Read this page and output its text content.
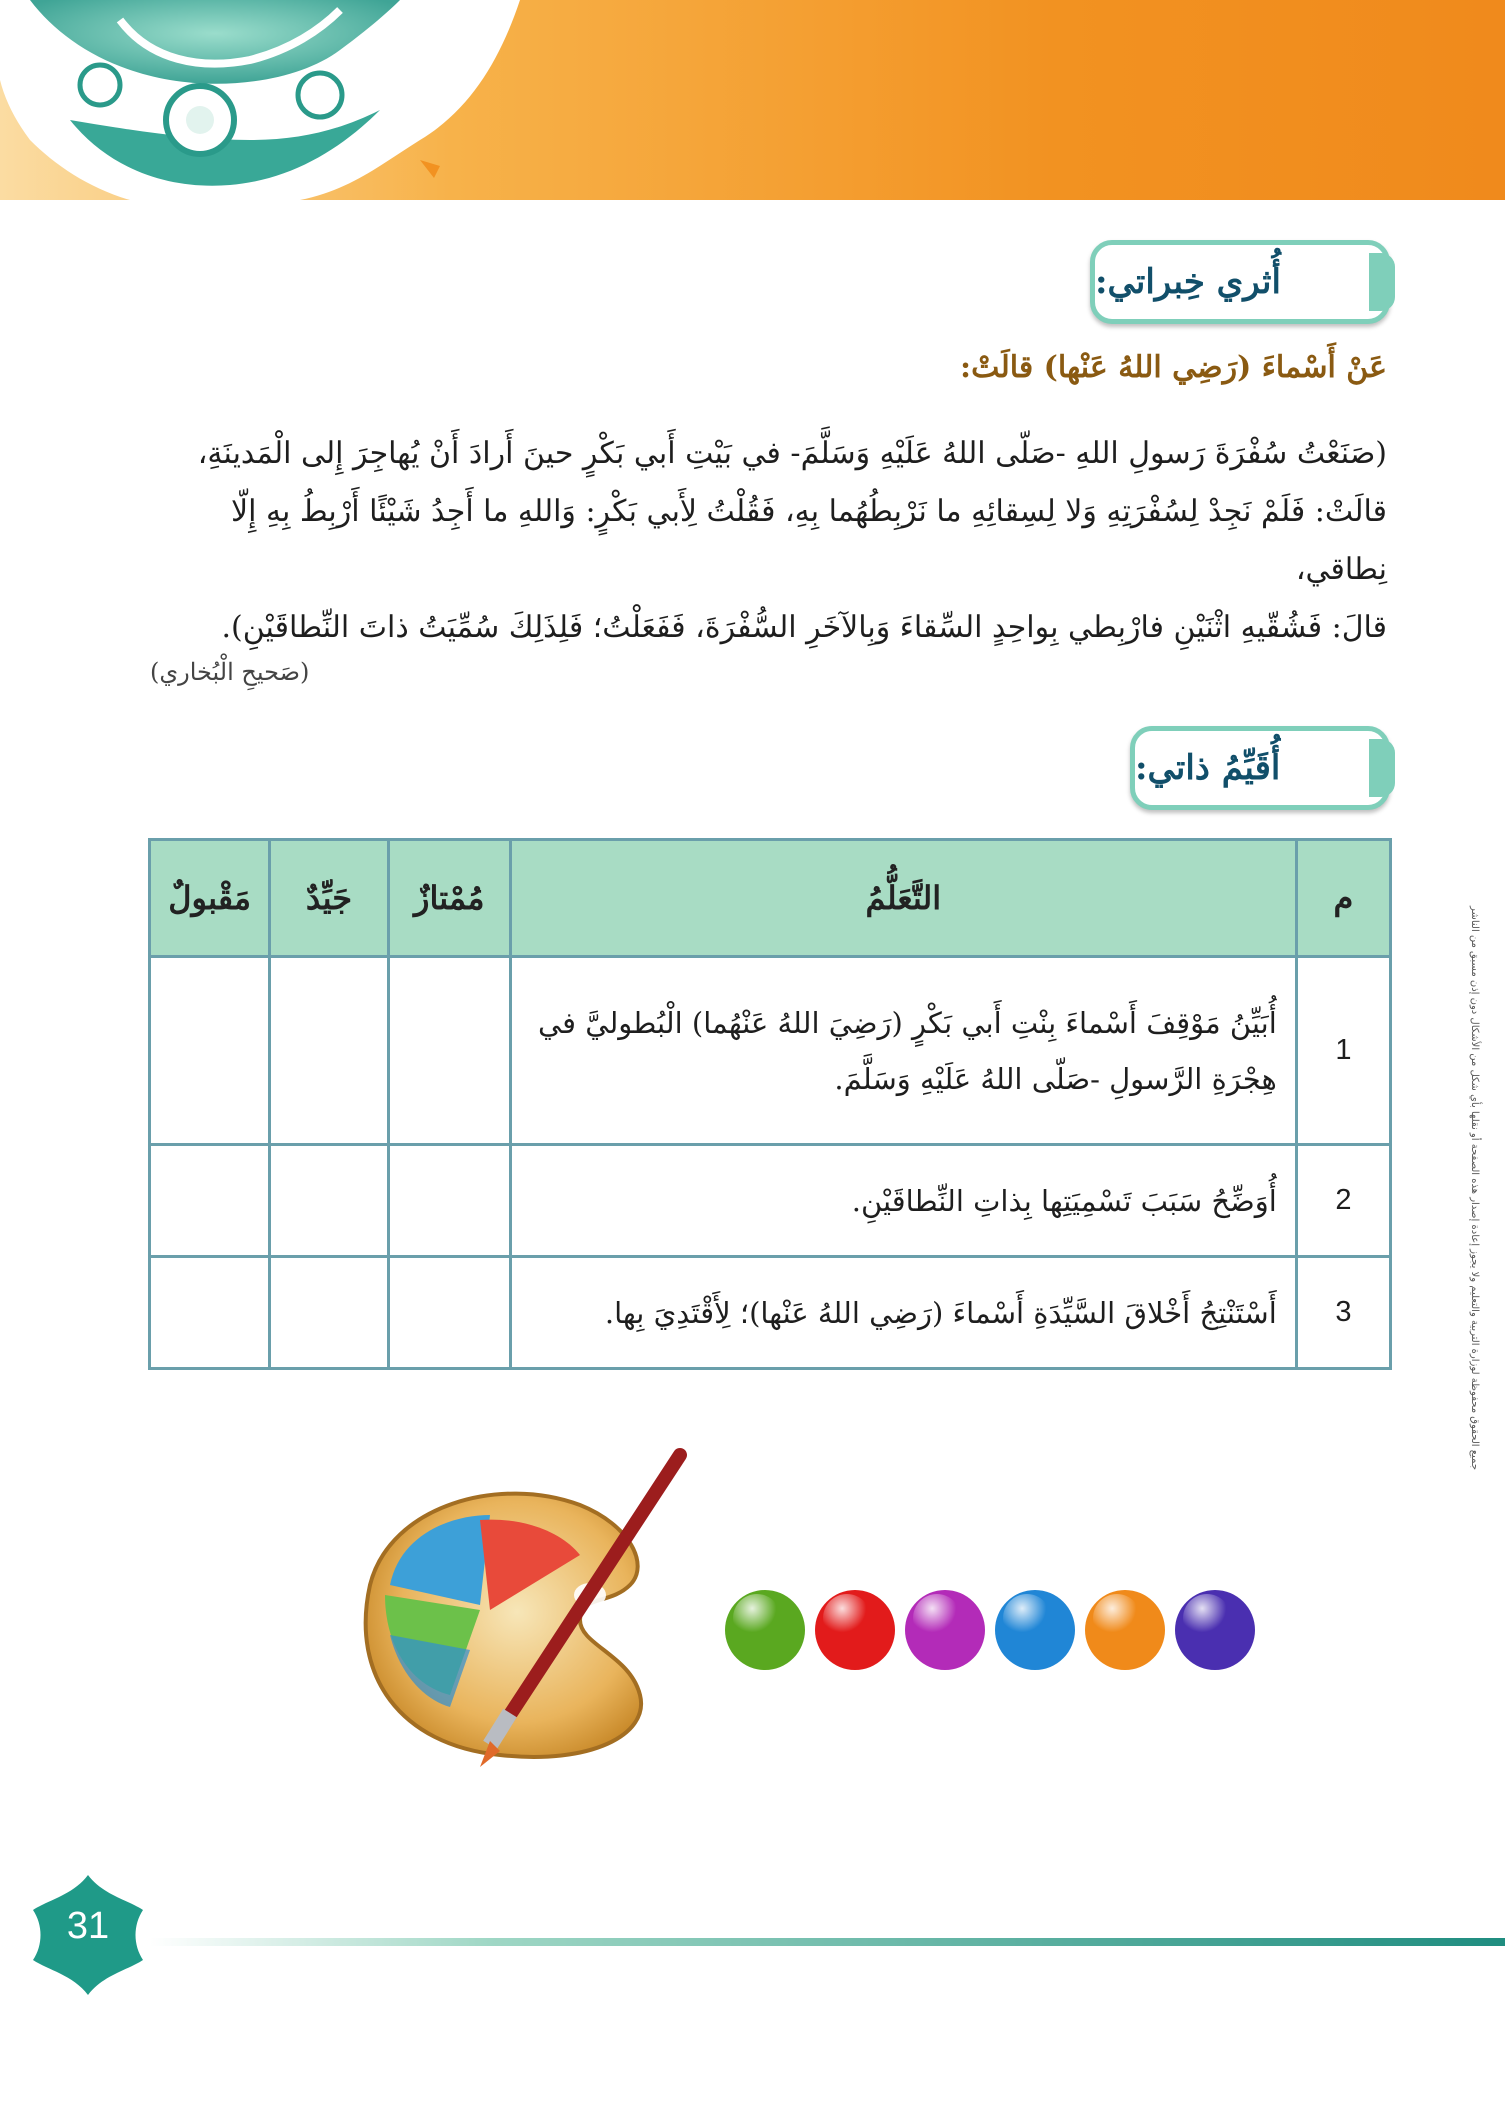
جميع الحقوق محفوظة لوزارة التربية والتعليم ولا يجوز إعادة إصدار هذه الصفحة أو نقلها بأي شكل من الأشكال دون إذن مسبق من الناشر
أُثري خِبراتي:
عَنْ أَسْماءَ (رَضِي اللهُ عَنْها) قالَتْ:
(صَنَعْتُ سُفْرَةَ رَسولِ اللهِ -صَلّى اللهُ عَلَيْهِ وَسَلَّمَ- في بَيْتِ أَبي بَكْرٍ حينَ أَرادَ أَنْ يُهاجِرَ إِلى الْمَدينَةِ،
قالَتْ: فَلَمْ نَجِدْ لِسُفْرَتِهِ وَلا لِسِقائِهِ ما نَرْبِطُهُما بِهِ، فَقُلْتُ لِأَبي بَكْرٍ: وَاللهِ ما أَجِدُ شَيْئًا أَرْبِطُ بِهِ إِلّا نِطاقي،
قالَ: فَشُقّيهِ اثْنَيْنِ فارْبِطي بِواحِدٍ السِّقاءَ وَبِالآخَرِ السُّفْرَةَ، فَفَعَلْتُ؛ فَلِذَلِكَ سُمِّيَتُ ذاتَ النِّطاقَيْنِ).
(صَحيحِ الْبُخاري)
أُقَيِّمُ ذاتي:
م	التَّعَلُّمُ	مُمْتازٌ	جَيِّدٌ	مَقْبولٌ
1	أُبَيِّنُ مَوْقِفَ أَسْماءَ بِنْتِ أَبي بَكْرٍ (رَضِيَ اللهُ عَنْهُما) الْبُطوليَّ في هِجْرَةِ الرَّسولِ -صَلّى اللهُ عَلَيْهِ وَسَلَّمَ.			
2	أُوَضِّحُ سَبَبَ تَسْمِيَتِها بِذاتِ النِّطاقَيْنِ.			
3	أَسْتَنْتِجُ أَخْلاقَ السَّيِّدَةِ أَسْماءَ (رَضِي اللهُ عَنْها)؛ لِأَقْتَدِيَ بِها.			
31
